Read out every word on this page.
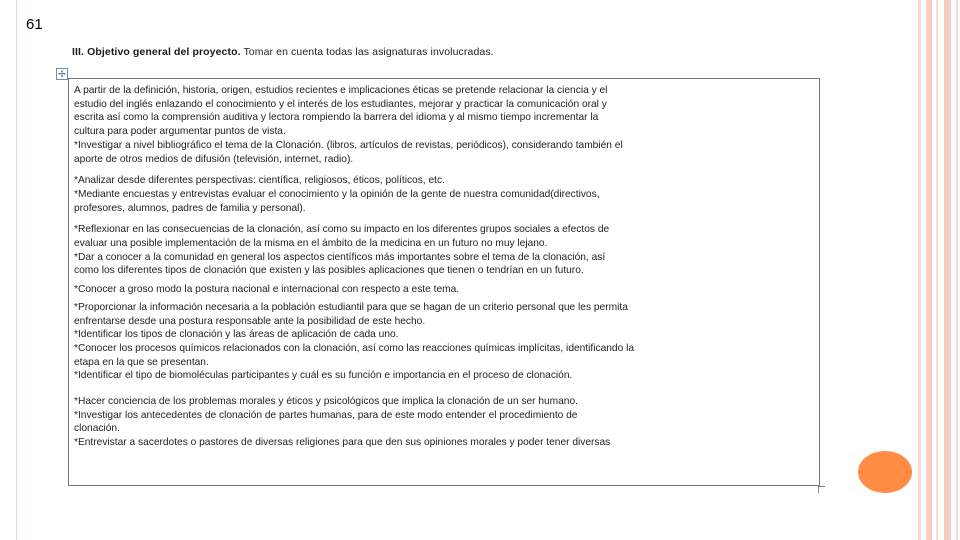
61
III. Objetivo general del proyecto. Tomar en cuenta todas las asignaturas involucradas.
✢

A partir de la definición, historia, origen, estudios recientes e implicaciones éticas se pretende relacionar la ciencia y el

estudio del inglés enlazando el conocimiento y el interés de los estudiantes, mejorar y practicar la comunicación oral y

escrita así como la comprensión auditiva y lectora rompiendo la barrera del idioma y al mismo tiempo incrementar la

cultura para poder argumentar puntos de vista.

*Investigar a nivel bibliográfico el tema de la Clonación. (libros, artículos de revistas, periódicos), considerando también el

aporte de otros medios de difusión (televisión, internet, radio).

*Analizar desde diferentes perspectivas: científica, religiosos, éticos, políticos, etc.

*Mediante encuestas y entrevistas evaluar el conocimiento y la opinión de la gente de nuestra comunidad(directivos,

profesores, alumnos, padres de familia y personal).

*Reflexionar en las consecuencias de la clonación, así como su impacto en los diferentes grupos sociales a efectos de

evaluar una posible implementación de la misma en el ámbito de la medicina en un futuro no muy lejano.

*Dar a conocer a la comunidad en general los aspectos científicos más importantes sobre el tema de la clonación, así

como los diferentes tipos de clonación que existen y las posibles aplicaciones que tienen o tendrían en un futuro.

*Conocer a groso modo la postura nacional e internacional con respecto a este tema.

*Proporcionar la información necesaria a la población estudiantil para que se hagan de un criterio personal que les permita

enfrentarse desde una postura responsable ante la posibilidad de este hecho.

*Identificar los tipos de clonación y las áreas de aplicación de cada uno.

*Conocer los procesos químicos relacionados con la clonación, así como las reacciones químicas implícitas, identificando la

etapa en la que se presentan.

*Identificar el tipo de biomoléculas participantes y cuál es su función e importancia en el proceso de clonación.

*Hacer conciencia de los problemas morales y éticos y psicológicos que implica la clonación de un ser humano.

*Investigar los antecedentes de clonación de partes humanas, para de este modo entender el procedimiento de

clonación.

*Entrevistar a sacerdotes o pastores de diversas religiones para que den sus opiniones morales y poder tener diversas
